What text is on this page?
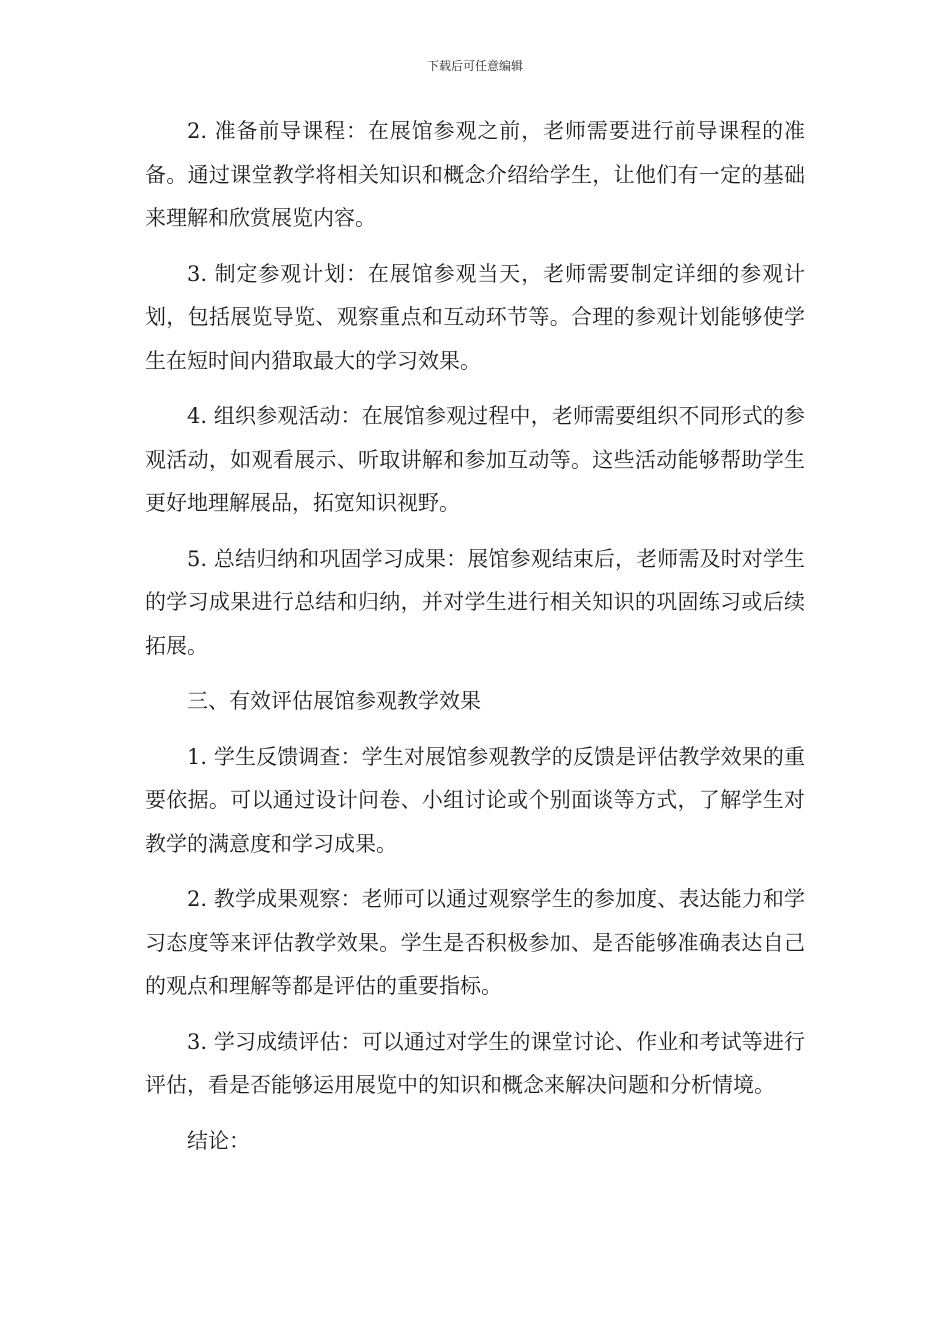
下载后可任意编辑

2. 准备前导课程：在展馆参观之前，老师需要进行前导课程的准备。通过课堂教学将相关知识和概念介绍给学生，让他们有一定的基础来理解和欣赏展览内容。

3. 制定参观计划：在展馆参观当天，老师需要制定详细的参观计划，包括展览导览、观察重点和互动环节等。合理的参观计划能够使学生在短时间内猎取最大的学习效果。

4. 组织参观活动：在展馆参观过程中，老师需要组织不同形式的参观活动，如观看展示、听取讲解和参加互动等。这些活动能够帮助学生更好地理解展品，拓宽知识视野。

5. 总结归纳和巩固学习成果：展馆参观结束后，老师需及时对学生的学习成果进行总结和归纳，并对学生进行相关知识的巩固练习或后续拓展。

三、有效评估展馆参观教学效果

1. 学生反馈调查：学生对展馆参观教学的反馈是评估教学效果的重要依据。可以通过设计问卷、小组讨论或个别面谈等方式，了解学生对教学的满意度和学习成果。

2. 教学成果观察：老师可以通过观察学生的参加度、表达能力和学习态度等来评估教学效果。学生是否积极参加、是否能够准确表达自己的观点和理解等都是评估的重要指标。

3. 学习成绩评估：可以通过对学生的课堂讨论、作业和考试等进行评估，看是否能够运用展览中的知识和概念来解决问题和分析情境。

结论：
